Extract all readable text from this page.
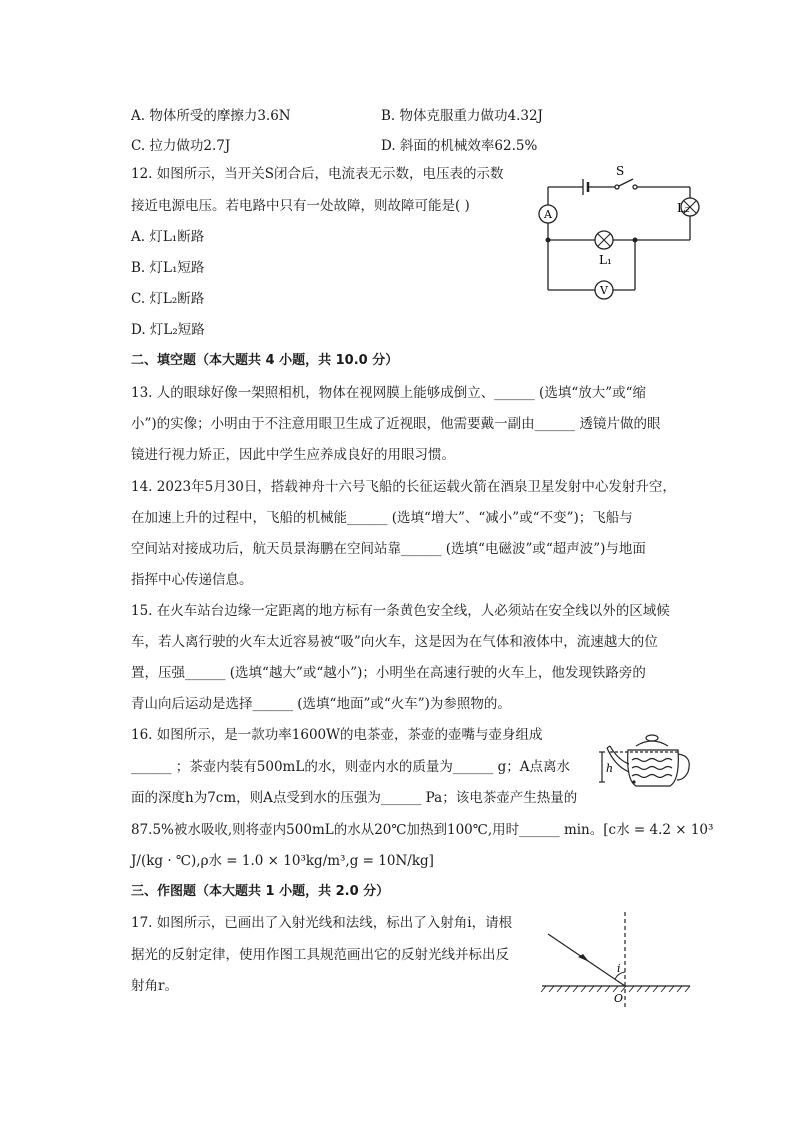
A. 物体所受的摩擦力3.6N	B. 物体克服重力做功4.32J
C. 拉力做功2.7J	D. 斜面的机械效率62.5%
12. 如图所示，当开关S闭合后，电流表无示数，电压表的示数
接近电源电压。若电路中只有一处故障，则故障可能是( )
A. 灯L₁断路
B. 灯L₁短路
C. 灯L₂断路
D. 灯L₂短路
A
V
S
L₂
L₁
二、填空题（本大题共 4 小题，共 10.0 分）
13. 人的眼球好像一架照相机，物体在视网膜上能够成倒立、______ (选填“放大”或“缩
小”)的实像；小明由于不注意用眼卫生成了近视眼，他需要戴一副由______ 透镜片做的眼
镜进行视力矫正，因此中学生应养成良好的用眼习惯。
14. 2023年5月30日，搭载神舟十六号飞船的长征运载火箭在酒泉卫星发射中心发射升空，
在加速上升的过程中，飞船的机械能______ (选填“增大”、“减小”或“不变”)；飞船与
空间站对接成功后，航天员景海鹏在空间站靠______ (选填“电磁波”或“超声波”)与地面
指挥中心传递信息。
15. 在火车站台边缘一定距离的地方标有一条黄色安全线，人必须站在安全线以外的区域候
车，若人离行驶的火车太近容易被“吸”向火车，这是因为在气体和液体中，流速越大的位
置，压强______ (选填“越大”或“越小”)；小明坐在高速行驶的火车上，他发现铁路旁的
青山向后运动是选择______ (选填“地面”或“火车”)为参照物的。
16. 如图所示，是一款功率1600W的电茶壶，茶壶的壶嘴与壶身组成
______ ；茶壶内装有500mL的水，则壶内水的质量为______ g；A点离水
面的深度h为7cm，则A点受到水的压强为______ Pa；该电茶壶产生热量的
87.5%被水吸收,则将壶内500mL的水从20℃加热到100℃,用时______ min。[c水 = 4.2 × 10³
J/(kg · ℃),ρ水 = 1.0 × 10³kg/m³,g = 10N/kg]
h
三、作图题（本大题共 1 小题，共 2.0 分）
17. 如图所示，已画出了入射光线和法线，标出了入射角i，请根
据光的反射定律，使用作图工具规范画出它的反射光线并标出反
射角r。
i
O
